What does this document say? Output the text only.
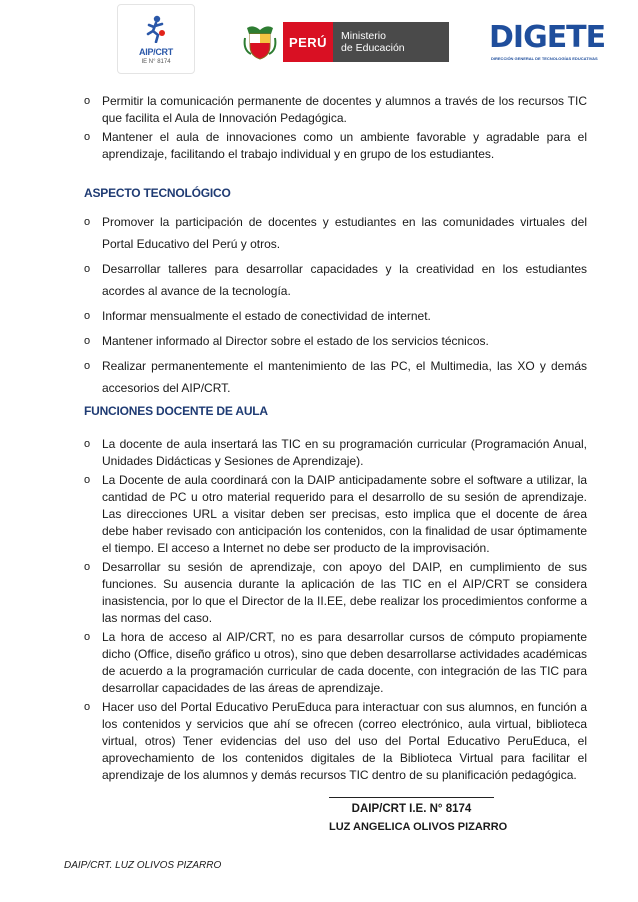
AIP/CRT
IE N° 8174
PERÚ	Ministerio
de Educación	DIGETE
DIRECCIÓN GENERAL DE TECNOLOGÍAS EDUCATIVAS
o Permitir la comunicación permanente de docentes y alumnos a través de los recursos TIC que facilita el Aula de Innovación Pedagógica.
o Mantener el aula de innovaciones como un ambiente favorable y agradable para el aprendizaje, facilitando el trabajo individual y en grupo de los estudiantes.
ASPECTO TECNOLÓGICO
o Promover la participación de docentes y estudiantes en las comunidades virtuales del Portal Educativo del Perú y otros.
o Desarrollar talleres para desarrollar capacidades y la creatividad en los estudiantes acordes al avance de la tecnología.
o Informar mensualmente el estado de conectividad de internet.
o Mantener informado al Director sobre el estado de los servicios técnicos.
o Realizar permanentemente el mantenimiento de las PC, el Multimedia, las XO y demás accesorios del AIP/CRT.
FUNCIONES DOCENTE DE AULA
o La docente de aula insertará las TIC en su programación curricular (Programación Anual, Unidades Didácticas y Sesiones de Aprendizaje).
o La Docente de aula coordinará con la DAIP anticipadamente sobre el software a utilizar, la cantidad de PC u otro material requerido para el desarrollo de su sesión de aprendizaje. Las direcciones URL a visitar deben ser precisas, esto implica que el docente de área debe haber revisado con anticipación los contenidos, con la finalidad de usar óptimamente el tiempo. El acceso a Internet no debe ser producto de la improvisación.
o Desarrollar su sesión de aprendizaje, con apoyo del DAIP, en cumplimiento de sus funciones. Su ausencia durante la aplicación de las TIC en el AIP/CRT se considera inasistencia, por lo que el Director de la II.EE, debe realizar los procedimientos conforme a las normas del caso.
o La hora de acceso al AIP/CRT, no es para desarrollar cursos de cómputo propiamente dicho (Office, diseño gráfico u otros), sino que deben desarrollarse actividades académicas de acuerdo a la programación curricular de cada docente, con integración de las TIC para desarrollar capacidades de las áreas de aprendizaje.
o Hacer uso del Portal Educativo PeruEduca para interactuar con sus alumnos, en función a los contenidos y servicios que ahí se ofrecen (correo electrónico, aula virtual, biblioteca virtual, otros) Tener evidencias del uso del uso del Portal Educativo PeruEduca, el aprovechamiento de los contenidos digitales de la Biblioteca Virtual para facilitar el aprendizaje de los alumnos y demás recursos TIC dentro de su planificación pedagógica.
DAIP/CRT I.E. N° 8174
LUZ ANGELICA OLIVOS PIZARRO
DAIP/CRT. LUZ OLIVOS PIZARRO
